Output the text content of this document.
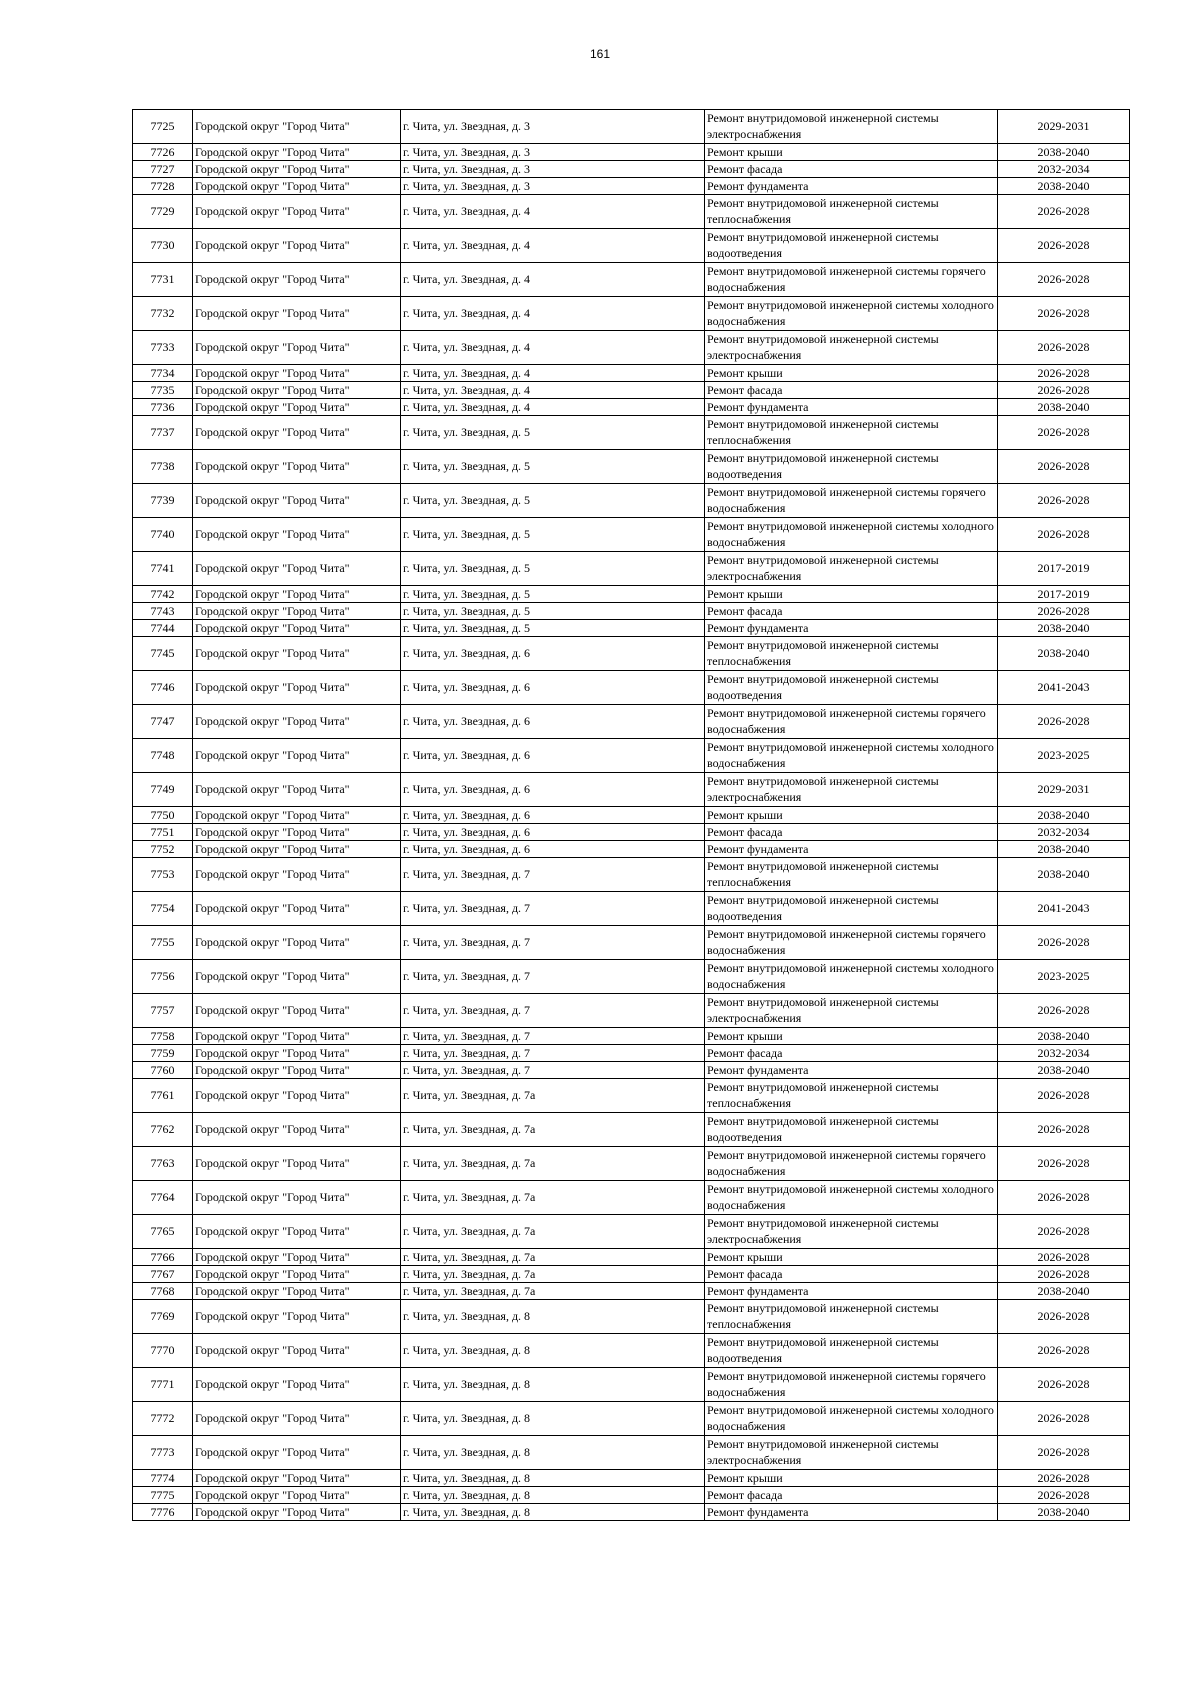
161
7725	Городской округ "Город Чита"	г. Чита, ул. Звездная, д. 3	Ремонт внутридомовой инженерной системы электроснабжения	2029-2031
7726	Городской округ "Город Чита"	г. Чита, ул. Звездная, д. 3	Ремонт крыши	2038-2040
7727	Городской округ "Город Чита"	г. Чита, ул. Звездная, д. 3	Ремонт фасада	2032-2034
7728	Городской округ "Город Чита"	г. Чита, ул. Звездная, д. 3	Ремонт фундамента	2038-2040
7729	Городской округ "Город Чита"	г. Чита, ул. Звездная, д. 4	Ремонт внутридомовой инженерной системы теплоснабжения	2026-2028
7730	Городской округ "Город Чита"	г. Чита, ул. Звездная, д. 4	Ремонт внутридомовой инженерной системы водоотведения	2026-2028
7731	Городской округ "Город Чита"	г. Чита, ул. Звездная, д. 4	Ремонт внутридомовой инженерной системы горячего водоснабжения	2026-2028
7732	Городской округ "Город Чита"	г. Чита, ул. Звездная, д. 4	Ремонт внутридомовой инженерной системы холодного водоснабжения	2026-2028
7733	Городской округ "Город Чита"	г. Чита, ул. Звездная, д. 4	Ремонт внутридомовой инженерной системы электроснабжения	2026-2028
7734	Городской округ "Город Чита"	г. Чита, ул. Звездная, д. 4	Ремонт крыши	2026-2028
7735	Городской округ "Город Чита"	г. Чита, ул. Звездная, д. 4	Ремонт фасада	2026-2028
7736	Городской округ "Город Чита"	г. Чита, ул. Звездная, д. 4	Ремонт фундамента	2038-2040
7737	Городской округ "Город Чита"	г. Чита, ул. Звездная, д. 5	Ремонт внутридомовой инженерной системы теплоснабжения	2026-2028
7738	Городской округ "Город Чита"	г. Чита, ул. Звездная, д. 5	Ремонт внутридомовой инженерной системы водоотведения	2026-2028
7739	Городской округ "Город Чита"	г. Чита, ул. Звездная, д. 5	Ремонт внутридомовой инженерной системы горячего водоснабжения	2026-2028
7740	Городской округ "Город Чита"	г. Чита, ул. Звездная, д. 5	Ремонт внутридомовой инженерной системы холодного водоснабжения	2026-2028
7741	Городской округ "Город Чита"	г. Чита, ул. Звездная, д. 5	Ремонт внутридомовой инженерной системы электроснабжения	2017-2019
7742	Городской округ "Город Чита"	г. Чита, ул. Звездная, д. 5	Ремонт крыши	2017-2019
7743	Городской округ "Город Чита"	г. Чита, ул. Звездная, д. 5	Ремонт фасада	2026-2028
7744	Городской округ "Город Чита"	г. Чита, ул. Звездная, д. 5	Ремонт фундамента	2038-2040
7745	Городской округ "Город Чита"	г. Чита, ул. Звездная, д. 6	Ремонт внутридомовой инженерной системы теплоснабжения	2038-2040
7746	Городской округ "Город Чита"	г. Чита, ул. Звездная, д. 6	Ремонт внутридомовой инженерной системы водоотведения	2041-2043
7747	Городской округ "Город Чита"	г. Чита, ул. Звездная, д. 6	Ремонт внутридомовой инженерной системы горячего водоснабжения	2026-2028
7748	Городской округ "Город Чита"	г. Чита, ул. Звездная, д. 6	Ремонт внутридомовой инженерной системы холодного водоснабжения	2023-2025
7749	Городской округ "Город Чита"	г. Чита, ул. Звездная, д. 6	Ремонт внутридомовой инженерной системы электроснабжения	2029-2031
7750	Городской округ "Город Чита"	г. Чита, ул. Звездная, д. 6	Ремонт крыши	2038-2040
7751	Городской округ "Город Чита"	г. Чита, ул. Звездная, д. 6	Ремонт фасада	2032-2034
7752	Городской округ "Город Чита"	г. Чита, ул. Звездная, д. 6	Ремонт фундамента	2038-2040
7753	Городской округ "Город Чита"	г. Чита, ул. Звездная, д. 7	Ремонт внутридомовой инженерной системы теплоснабжения	2038-2040
7754	Городской округ "Город Чита"	г. Чита, ул. Звездная, д. 7	Ремонт внутридомовой инженерной системы водоотведения	2041-2043
7755	Городской округ "Город Чита"	г. Чита, ул. Звездная, д. 7	Ремонт внутридомовой инженерной системы горячего водоснабжения	2026-2028
7756	Городской округ "Город Чита"	г. Чита, ул. Звездная, д. 7	Ремонт внутридомовой инженерной системы холодного водоснабжения	2023-2025
7757	Городской округ "Город Чита"	г. Чита, ул. Звездная, д. 7	Ремонт внутридомовой инженерной системы электроснабжения	2026-2028
7758	Городской округ "Город Чита"	г. Чита, ул. Звездная, д. 7	Ремонт крыши	2038-2040
7759	Городской округ "Город Чита"	г. Чита, ул. Звездная, д. 7	Ремонт фасада	2032-2034
7760	Городской округ "Город Чита"	г. Чита, ул. Звездная, д. 7	Ремонт фундамента	2038-2040
7761	Городской округ "Город Чита"	г. Чита, ул. Звездная, д. 7а	Ремонт внутридомовой инженерной системы теплоснабжения	2026-2028
7762	Городской округ "Город Чита"	г. Чита, ул. Звездная, д. 7а	Ремонт внутридомовой инженерной системы водоотведения	2026-2028
7763	Городской округ "Город Чита"	г. Чита, ул. Звездная, д. 7а	Ремонт внутридомовой инженерной системы горячего водоснабжения	2026-2028
7764	Городской округ "Город Чита"	г. Чита, ул. Звездная, д. 7а	Ремонт внутридомовой инженерной системы холодного водоснабжения	2026-2028
7765	Городской округ "Город Чита"	г. Чита, ул. Звездная, д. 7а	Ремонт внутридомовой инженерной системы электроснабжения	2026-2028
7766	Городской округ "Город Чита"	г. Чита, ул. Звездная, д. 7а	Ремонт крыши	2026-2028
7767	Городской округ "Город Чита"	г. Чита, ул. Звездная, д. 7а	Ремонт фасада	2026-2028
7768	Городской округ "Город Чита"	г. Чита, ул. Звездная, д. 7а	Ремонт фундамента	2038-2040
7769	Городской округ "Город Чита"	г. Чита, ул. Звездная, д. 8	Ремонт внутридомовой инженерной системы теплоснабжения	2026-2028
7770	Городской округ "Город Чита"	г. Чита, ул. Звездная, д. 8	Ремонт внутридомовой инженерной системы водоотведения	2026-2028
7771	Городской округ "Город Чита"	г. Чита, ул. Звездная, д. 8	Ремонт внутридомовой инженерной системы горячего водоснабжения	2026-2028
7772	Городской округ "Город Чита"	г. Чита, ул. Звездная, д. 8	Ремонт внутридомовой инженерной системы холодного водоснабжения	2026-2028
7773	Городской округ "Город Чита"	г. Чита, ул. Звездная, д. 8	Ремонт внутридомовой инженерной системы электроснабжения	2026-2028
7774	Городской округ "Город Чита"	г. Чита, ул. Звездная, д. 8	Ремонт крыши	2026-2028
7775	Городской округ "Город Чита"	г. Чита, ул. Звездная, д. 8	Ремонт фасада	2026-2028
7776	Городской округ "Город Чита"	г. Чита, ул. Звездная, д. 8	Ремонт фундамента	2038-2040
